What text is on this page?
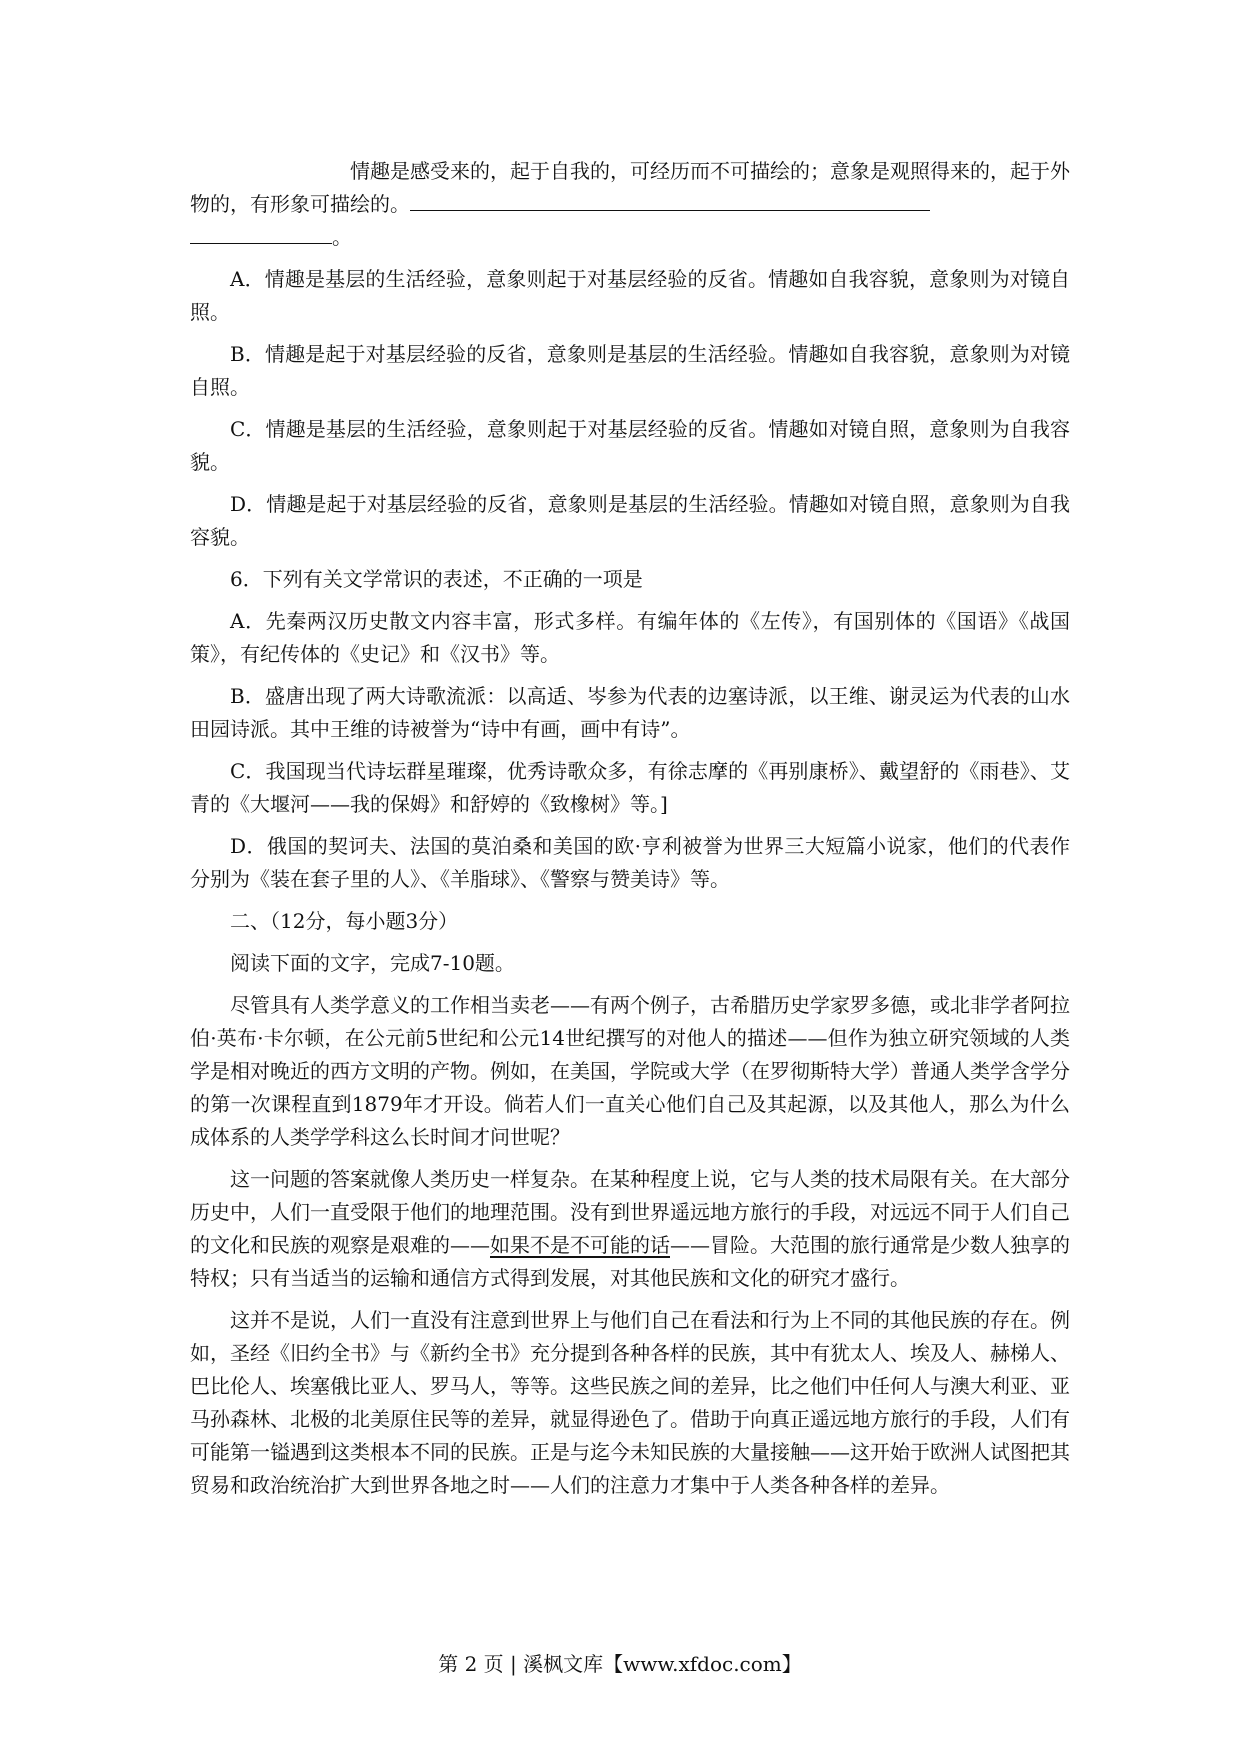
情趣是感受来的，起于自我的，可经历而不可描绘的；意象是观照得来的，起于外物的，有形象可描绘的。
。

A．情趣是基层的生活经验，意象则起于对基层经验的反省。情趣如自我容貌，意象则为对镜自照。

B．情趣是起于对基层经验的反省，意象则是基层的生活经验。情趣如自我容貌，意象则为对镜自照。

C．情趣是基层的生活经验，意象则起于对基层经验的反省。情趣如对镜自照，意象则为自我容貌。

D．情趣是起于对基层经验的反省，意象则是基层的生活经验。情趣如对镜自照，意象则为自我容貌。

6．下列有关文学常识的表述，不正确的一项是

A．先秦两汉历史散文内容丰富，形式多样。有编年体的《左传》，有国别体的《国语》《战国策》，有纪传体的《史记》和《汉书》等。

B．盛唐出现了两大诗歌流派：以高适、岑参为代表的边塞诗派，以王维、谢灵运为代表的山水田园诗派。其中王维的诗被誉为“诗中有画，画中有诗”。

C．我国现当代诗坛群星璀璨，优秀诗歌众多，有徐志摩的《再别康桥》、戴望舒的《雨巷》、艾青的《大堰河——我的保姆》和舒婷的《致橡树》等。]

D．俄国的契诃夫、法国的莫泊桑和美国的欧·亨利被誉为世界三大短篇小说家，他们的代表作分别为《装在套子里的人》、《羊脂球》、《警察与赞美诗》等。

二、（12分，每小题3分）

阅读下面的文字，完成7-10题。

尽管具有人类学意义的工作相当卖老——有两个例子，古希腊历史学家罗多德，或北非学者阿拉伯·英布·卡尔顿，在公元前5世纪和公元14世纪撰写的对他人的描述——但作为独立研究领域的人类学是相对晚近的西方文明的产物。例如，在美国，学院或大学（在罗彻斯特大学）普通人类学含学分的第一次课程直到1879年才开设。倘若人们一直关心他们自己及其起源，以及其他人，那么为什么成体系的人类学学科这么长时间才问世呢？

这一问题的答案就像人类历史一样复杂。在某种程度上说，它与人类的技术局限有关。在大部分历史中，人们一直受限于他们的地理范围。没有到世界遥远地方旅行的手段，对远远不同于人们自己的文化和民族的观察是艰难的——如果不是不可能的话——冒险。大范围的旅行通常是少数人独享的特权；只有当适当的运输和通信方式得到发展，对其他民族和文化的研究才盛行。

这并不是说，人们一直没有注意到世界上与他们自己在看法和行为上不同的其他民族的存在。例如，圣经《旧约全书》与《新约全书》充分提到各种各样的民族，其中有犹太人、埃及人、赫梯人、巴比伦人、埃塞俄比亚人、罗马人，等等。这些民族之间的差异，比之他们中任何人与澳大利亚、亚马孙森林、北极的北美原住民等的差异，就显得逊色了。借助于向真正遥远地方旅行的手段，人们有可能第一镒遇到这类根本不同的民族。正是与迄今未知民族的大量接触——这开始于欧洲人试图把其贸易和政治统治扩大到世界各地之时——人们的注意力才集中于人类各种各样的差异。

第 2 页 | 溪枫文库【www.xfdoc.com】
